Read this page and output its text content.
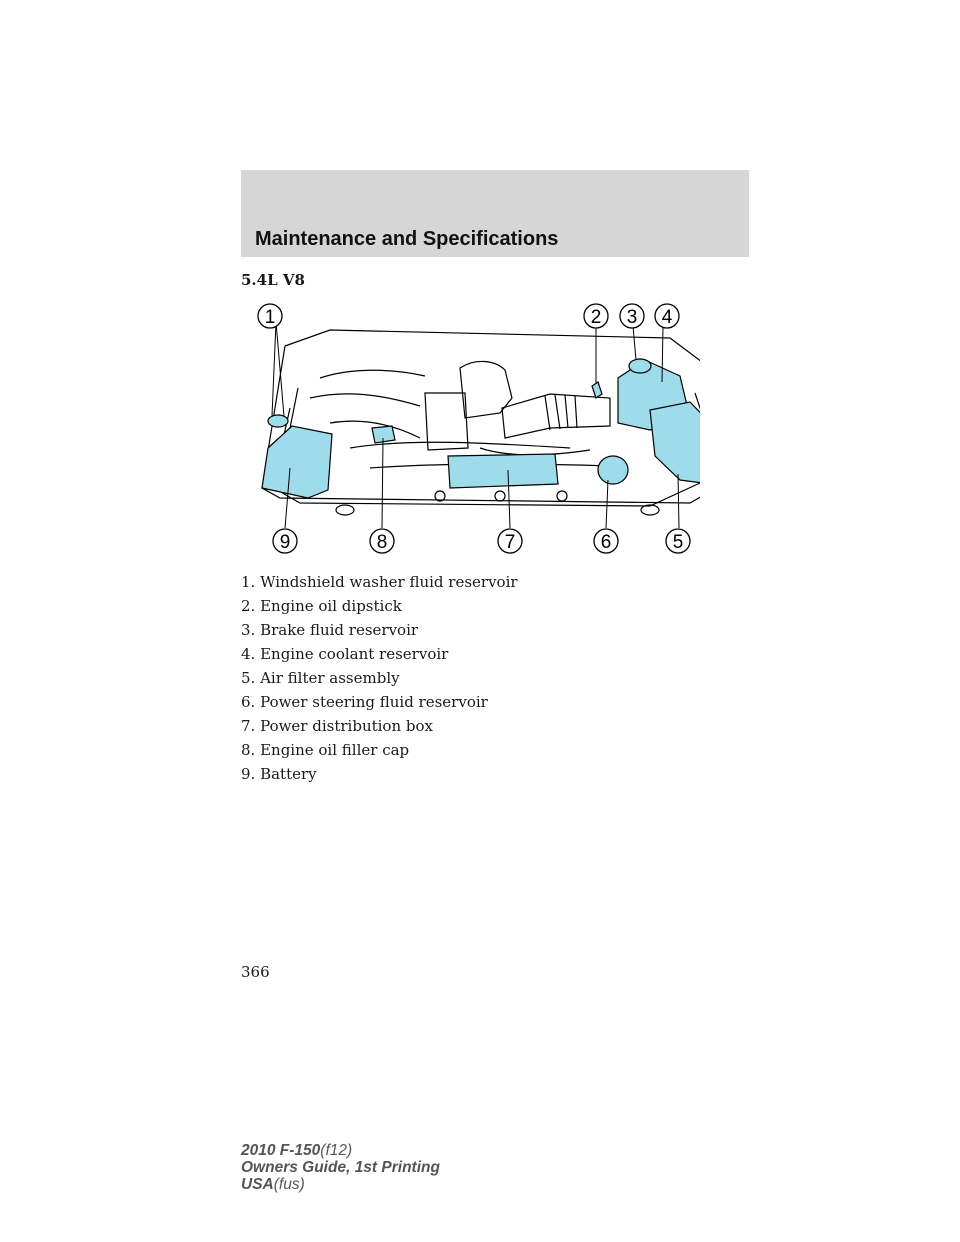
Maintenance and Specifications
5.4L V8
1	2 3 4
5
6
7
8
9
1. Windshield washer fluid reservoir
2. Engine oil dipstick
3. Brake fluid reservoir
4. Engine coolant reservoir
5. Air filter assembly
6. Power steering fluid reservoir
7. Power distribution box
8. Engine oil filler cap
9. Battery
366
2010 F-150(f12)
Owners Guide, 1st Printing
USA(fus)
